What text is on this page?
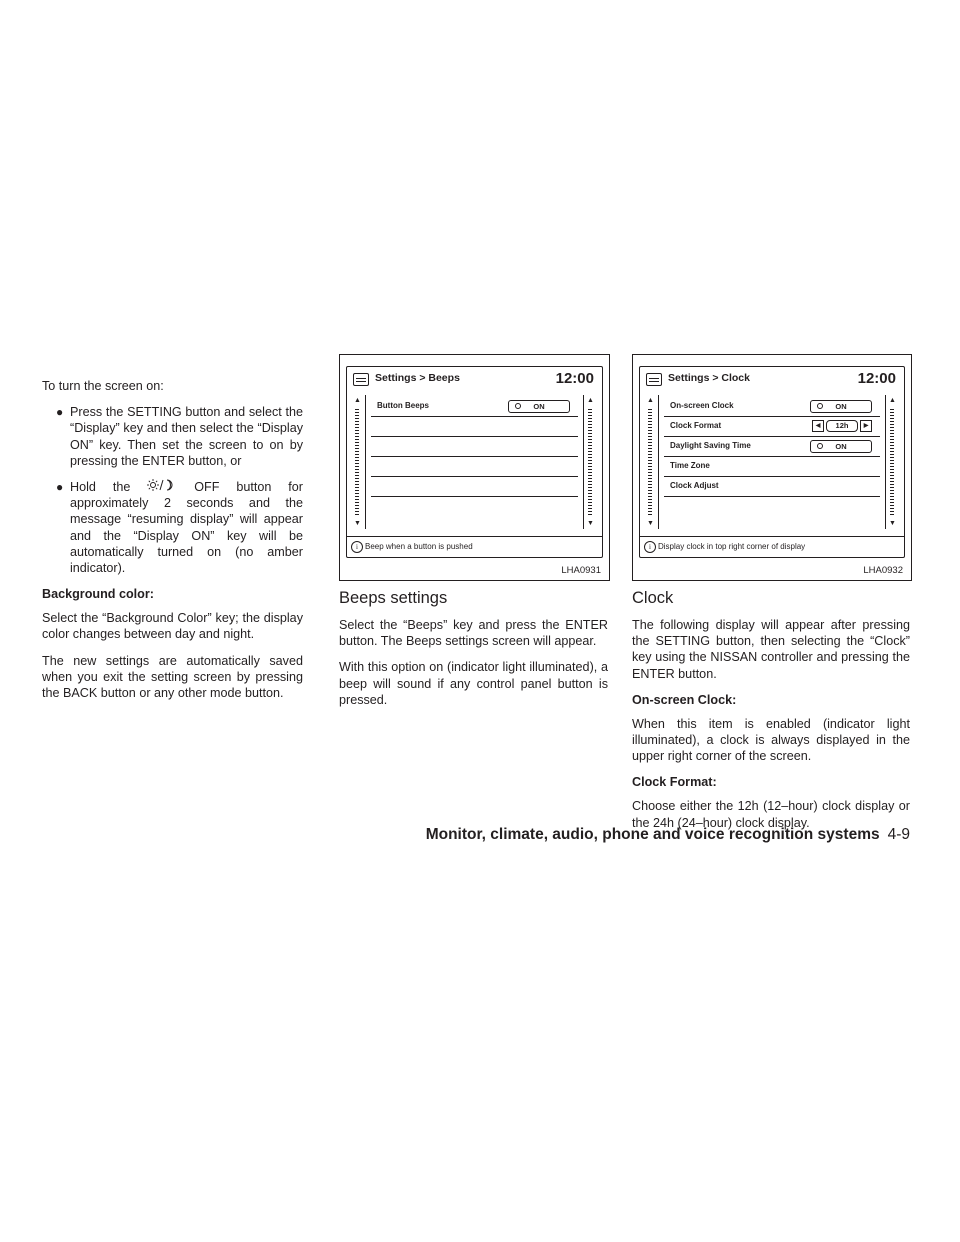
To turn the screen on:

● Press the SETTING button and select the “Display” key and then select the “Display ON” key. Then set the screen to on by pressing the ENTER button, or
● Hold the	OFF button for approximately 2 seconds and the message “resuming display” will appear and the “Display ON” key will be automatically turned on (no amber indicator).
Background color:

Select the “Background Color” key; the display color changes between day and night.

The new settings are automatically saved when you exit the setting screen by pressing the BACK button or any other mode button.

Settings > Beeps	12:00
▲
▼
▲
▼
Button Beeps	ON
i Beep when a button is pushed
LHA0931
Settings > Clock	12:00
▲
▼
▲
▼
On-screen Clock	ON
Clock Format	◀	12h	▶
Daylight Saving Time	ON
Time Zone
Clock Adjust
i Display clock in top right corner of display
LHA0932
Beeps settings

Select the “Beeps” key and press the ENTER button. The Beeps settings screen will appear.

With this option on (indicator light illuminated), a beep will sound if any control panel button is pressed.

Clock

The following display will appear after pressing the SETTING button, then selecting the “Clock” key using the NISSAN controller and pressing the ENTER button.

On-screen Clock:

When this item is enabled (indicator light illuminated), a clock is always displayed in the upper right corner of the screen.

Clock Format:

Choose either the 12h (12–hour) clock display or the 24h (24–hour) clock display.

Monitor, climate, audio, phone and voice recognition systems 4-9
